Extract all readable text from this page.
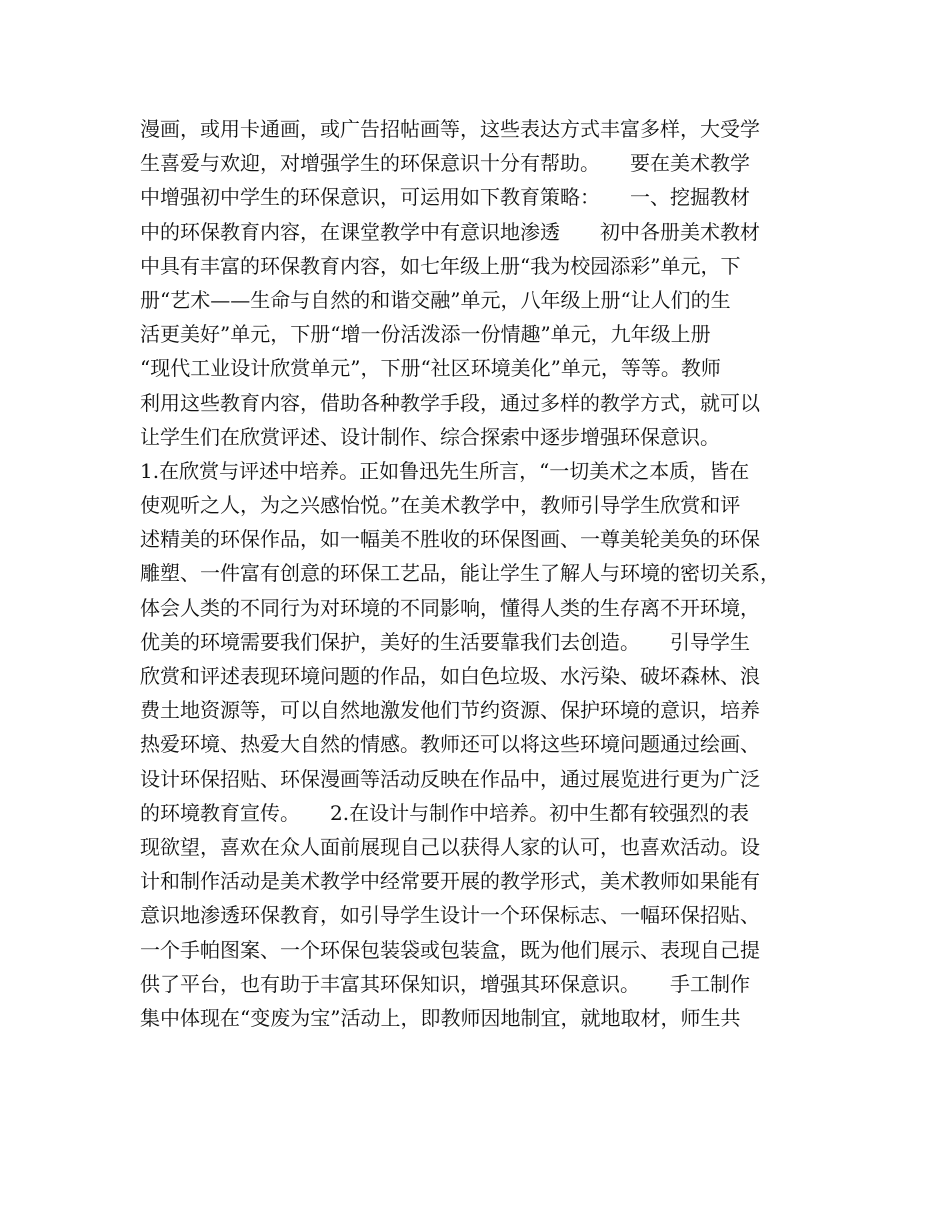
漫画，或用卡通画，或广告招帖画等，这些表达方式丰富多样，大受学
生喜爱与欢迎，对增强学生的环保意识十分有帮助。　　要在美术教学
中增强初中学生的环保意识，可运用如下教育策略：　　一、挖掘教材
中的环保教育内容，在课堂教学中有意识地渗透　　初中各册美术教材
中具有丰富的环保教育内容，如七年级上册“我为校园添彩”单元，下
册“艺术——生命与自然的和谐交融”单元，八年级上册“让人们的生
活更美好”单元，下册“增一份活泼添一份情趣”单元，九年级上册
“现代工业设计欣赏单元”，下册“社区环境美化”单元，等等。教师
利用这些教育内容，借助各种教学手段，通过多样的教学方式，就可以
让学生们在欣赏评述、设计制作、综合探索中逐步增强环保意识。
1.在欣赏与评述中培养。正如鲁迅先生所言，“一切美术之本质，皆在
使观听之人，为之兴感怡悦。”在美术教学中，教师引导学生欣赏和评
述精美的环保作品，如一幅美不胜收的环保图画、一尊美轮美奂的环保
雕塑、一件富有创意的环保工艺品，能让学生了解人与环境的密切关系，
体会人类的不同行为对环境的不同影响，懂得人类的生存离不开环境，
优美的环境需要我们保护，美好的生活要靠我们去创造。　　引导学生
欣赏和评述表现环境问题的作品，如白色垃圾、水污染、破坏森林、浪
费土地资源等，可以自然地激发他们节约资源、保护环境的意识，培养
热爱环境、热爱大自然的情感。教师还可以将这些环境问题通过绘画、
设计环保招贴、环保漫画等活动反映在作品中，通过展览进行更为广泛
的环境教育宣传。　　2.在设计与制作中培养。初中生都有较强烈的表
现欲望，喜欢在众人面前展现自己以获得人家的认可，也喜欢活动。设
计和制作活动是美术教学中经常要开展的教学形式，美术教师如果能有
意识地渗透环保教育，如引导学生设计一个环保标志、一幅环保招贴、
一个手帕图案、一个环保包装袋或包装盒，既为他们展示、表现自己提
供了平台，也有助于丰富其环保知识，增强其环保意识。　　手工制作
集中体现在“变废为宝”活动上，即教师因地制宜，就地取材，师生共
